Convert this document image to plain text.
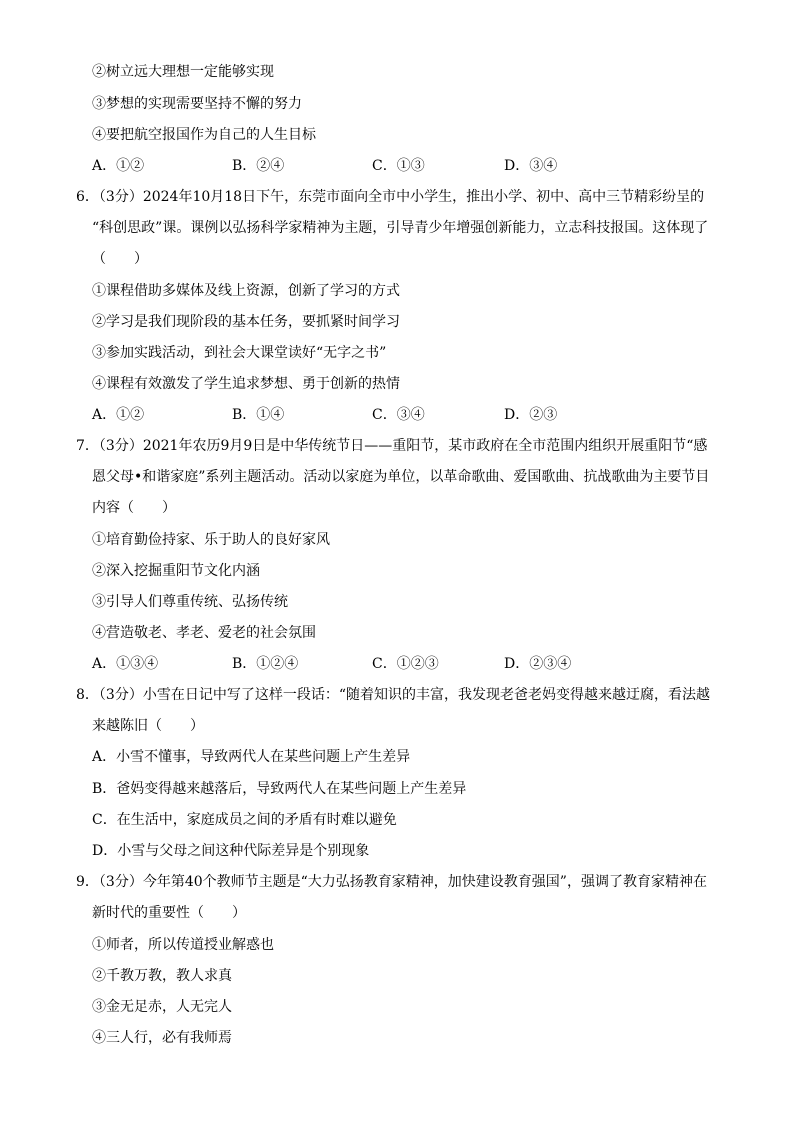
②树立远大理想一定能够实现
③梦想的实现需要坚持不懈的努力
④要把航空报国作为自己的人生目标
A．①②	B．②④	C．①③	D．③④
6．（3分）2024年10月18日下午，东莞市面向全市中小学生，推出小学、初中、高中三节精彩纷呈的
“科创思政”课。课例以弘扬科学家精神为主题，引导青少年增强创新能力，立志科技报国。这体现了
（　　）
①课程借助多媒体及线上资源，创新了学习的方式
②学习是我们现阶段的基本任务，要抓紧时间学习
③参加实践活动，到社会大课堂读好“无字之书”
④课程有效激发了学生追求梦想、勇于创新的热情
A．①②	B．①④	C．③④	D．②③
7．（3分）2021年农历9月9日是中华传统节日——重阳节，某市政府在全市范围内组织开展重阳节“感
恩父母•和谐家庭”系列主题活动。活动以家庭为单位，以革命歌曲、爱国歌曲、抗战歌曲为主要节目
内容（　　）
①培育勤俭持家、乐于助人的良好家风
②深入挖掘重阳节文化内涵
③引导人们尊重传统、弘扬传统
④营造敬老、孝老、爱老的社会氛围
A．①③④	B．①②④	C．①②③	D．②③④
8．（3分）小雪在日记中写了这样一段话：“随着知识的丰富，我发现老爸老妈变得越来越迂腐，看法越
来越陈旧（　　）
A．小雪不懂事，导致两代人在某些问题上产生差异
B．爸妈变得越来越落后，导致两代人在某些问题上产生差异
C．在生活中，家庭成员之间的矛盾有时难以避免
D．小雪与父母之间这种代际差异是个别现象
9．（3分）今年第40个教师节主题是“大力弘扬教育家精神，加快建设教育强国”，强调了教育家精神在
新时代的重要性（　　）
①师者，所以传道授业解惑也
②千教万教，教人求真
③金无足赤，人无完人
④三人行，必有我师焉
